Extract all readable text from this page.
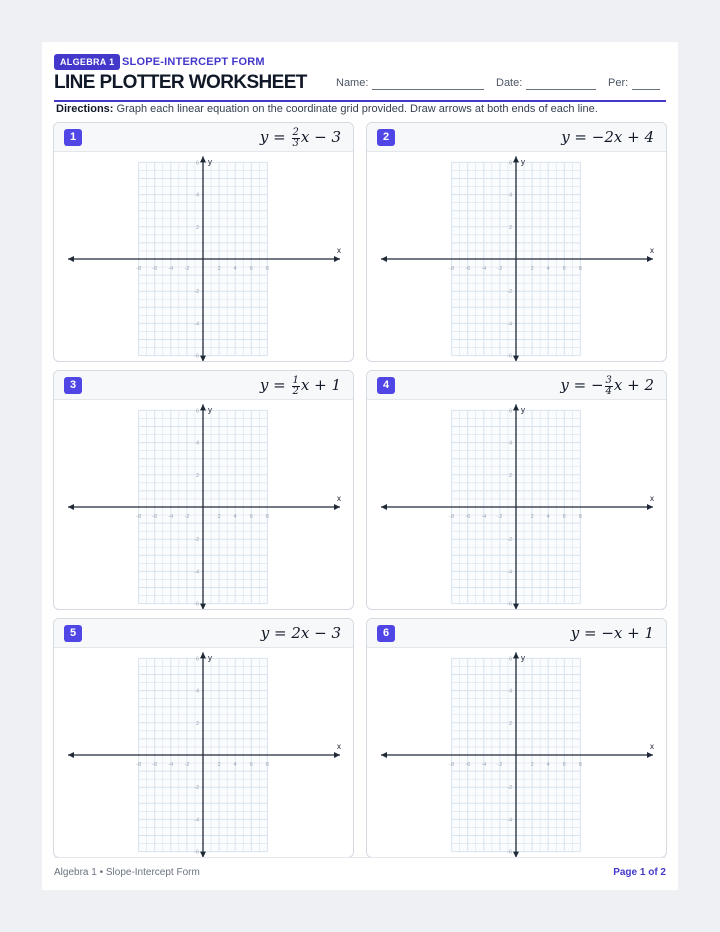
ALGEBRA 1 SLOPE-INTERCEPT FORM
LINE PLOTTER WORKSHEET	Name:	Date:	Per:
Directions: Graph each linear equation on the coordinate grid provided. Draw arrows at both ends of each line.
1	$y = \frac{2}{3}$ x − 3
x
y
-8 -6 -4 -2	2 4 6 8
6
4
2
-2
-4
-6
2	y = −2x + 4
x
y
-8 -6 -4 -2	2 4 6 8
6
4
2
-2
-4
-6
3	$y = \frac{1}{2}$ x + 1
x
y
-8 -6 -4 -2	2 4 6 8
6
4
2
-2
-4
-6
4	y = − $\frac{3}{4}$ x + 2
x
y
-8 -6 -4 -2	2 4 6 8
6
4
2
-2
-4
-6
5	y = 2x − 3
x
y
-8 -6 -4 -2	2 4 6 8
6
4
2
-2
-4
-6
6	y = −x + 1
x
y
-8 -6 -4 -2	2 4 6 8
6
4
2
-2
-4
-6
Algebra 1 • Slope-Intercept Form	Page 1 of 2
